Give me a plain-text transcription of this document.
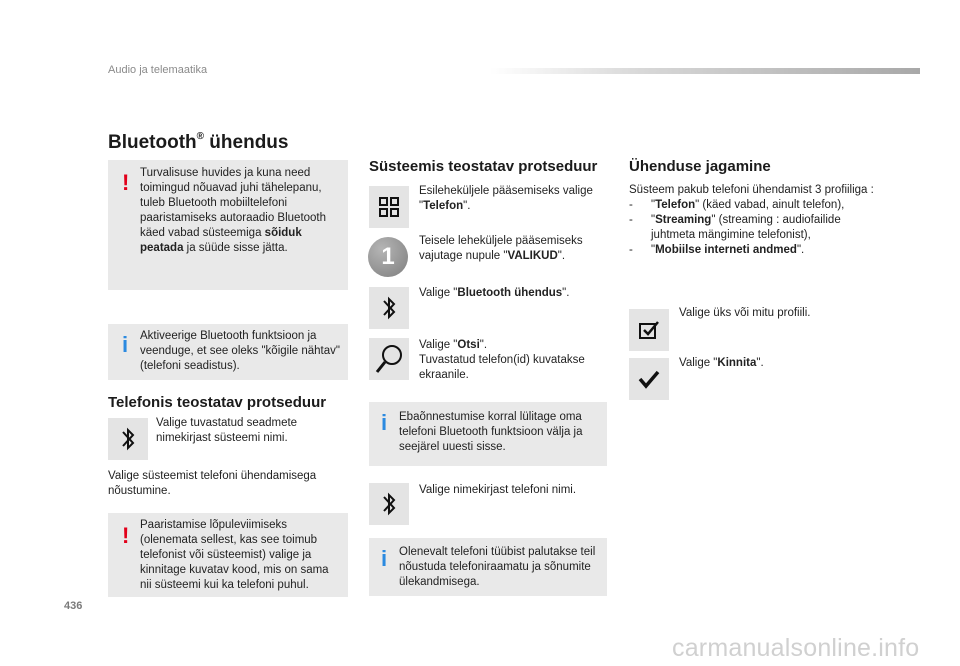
Audio ja telemaatika
Bluetooth® ühendus
! Turvalisuse huvides ja kuna need toimingud nõuavad juhi tähelepanu, tuleb Bluetooth mobiiltelefoni paaristamiseks autoraadio Bluetooth käed vabad süsteemiga sõiduk peatada ja süüde sisse jätta.
i Aktiveerige Bluetooth funktsioon ja veenduge, et see oleks "kõigile nähtav" (telefoni seadistus).
Telefonis teostatav protseduur
Valige tuvastatud seadmete nimekirjast süsteemi nimi.
Valige süsteemist telefoni ühendamisega nõustumine.
! Paaristamise lõpuleviimiseks (olenemata sellest, kas see toimub telefonist või süsteemist) valige ja kinnitage kuvatav kood, mis on sama nii süsteemi kui ka telefoni puhul.
Süsteemis teostatav protseduur
Esileheküljele pääsemiseks valige "Telefon".
1
Teisele leheküljele pääsemiseks vajutage nupule "VALIKUD".
Valige "Bluetooth ühendus".
Valige "Otsi".
Tuvastatud telefon(id) kuvatakse ekraanile.
i Ebaõnnestumise korral lülitage oma telefoni Bluetooth funktsioon välja ja seejärel uuesti sisse.
Valige nimekirjast telefoni nimi.
i Olenevalt telefoni tüübist palutakse teil nõustuda telefoniraamatu ja sõnumite ülekandmisega.
Ühenduse jagamine
Süsteem pakub telefoni ühendamist 3 profiiliga :
-	"Telefon" (käed vabad, ainult telefon),
-	"Streaming" (streaming : audiofailide juhtmeta mängimine telefonist),
-	"Mobiilse interneti andmed".
Valige üks või mitu profiili.
Valige "Kinnita".
436
carmanualsonline.info
